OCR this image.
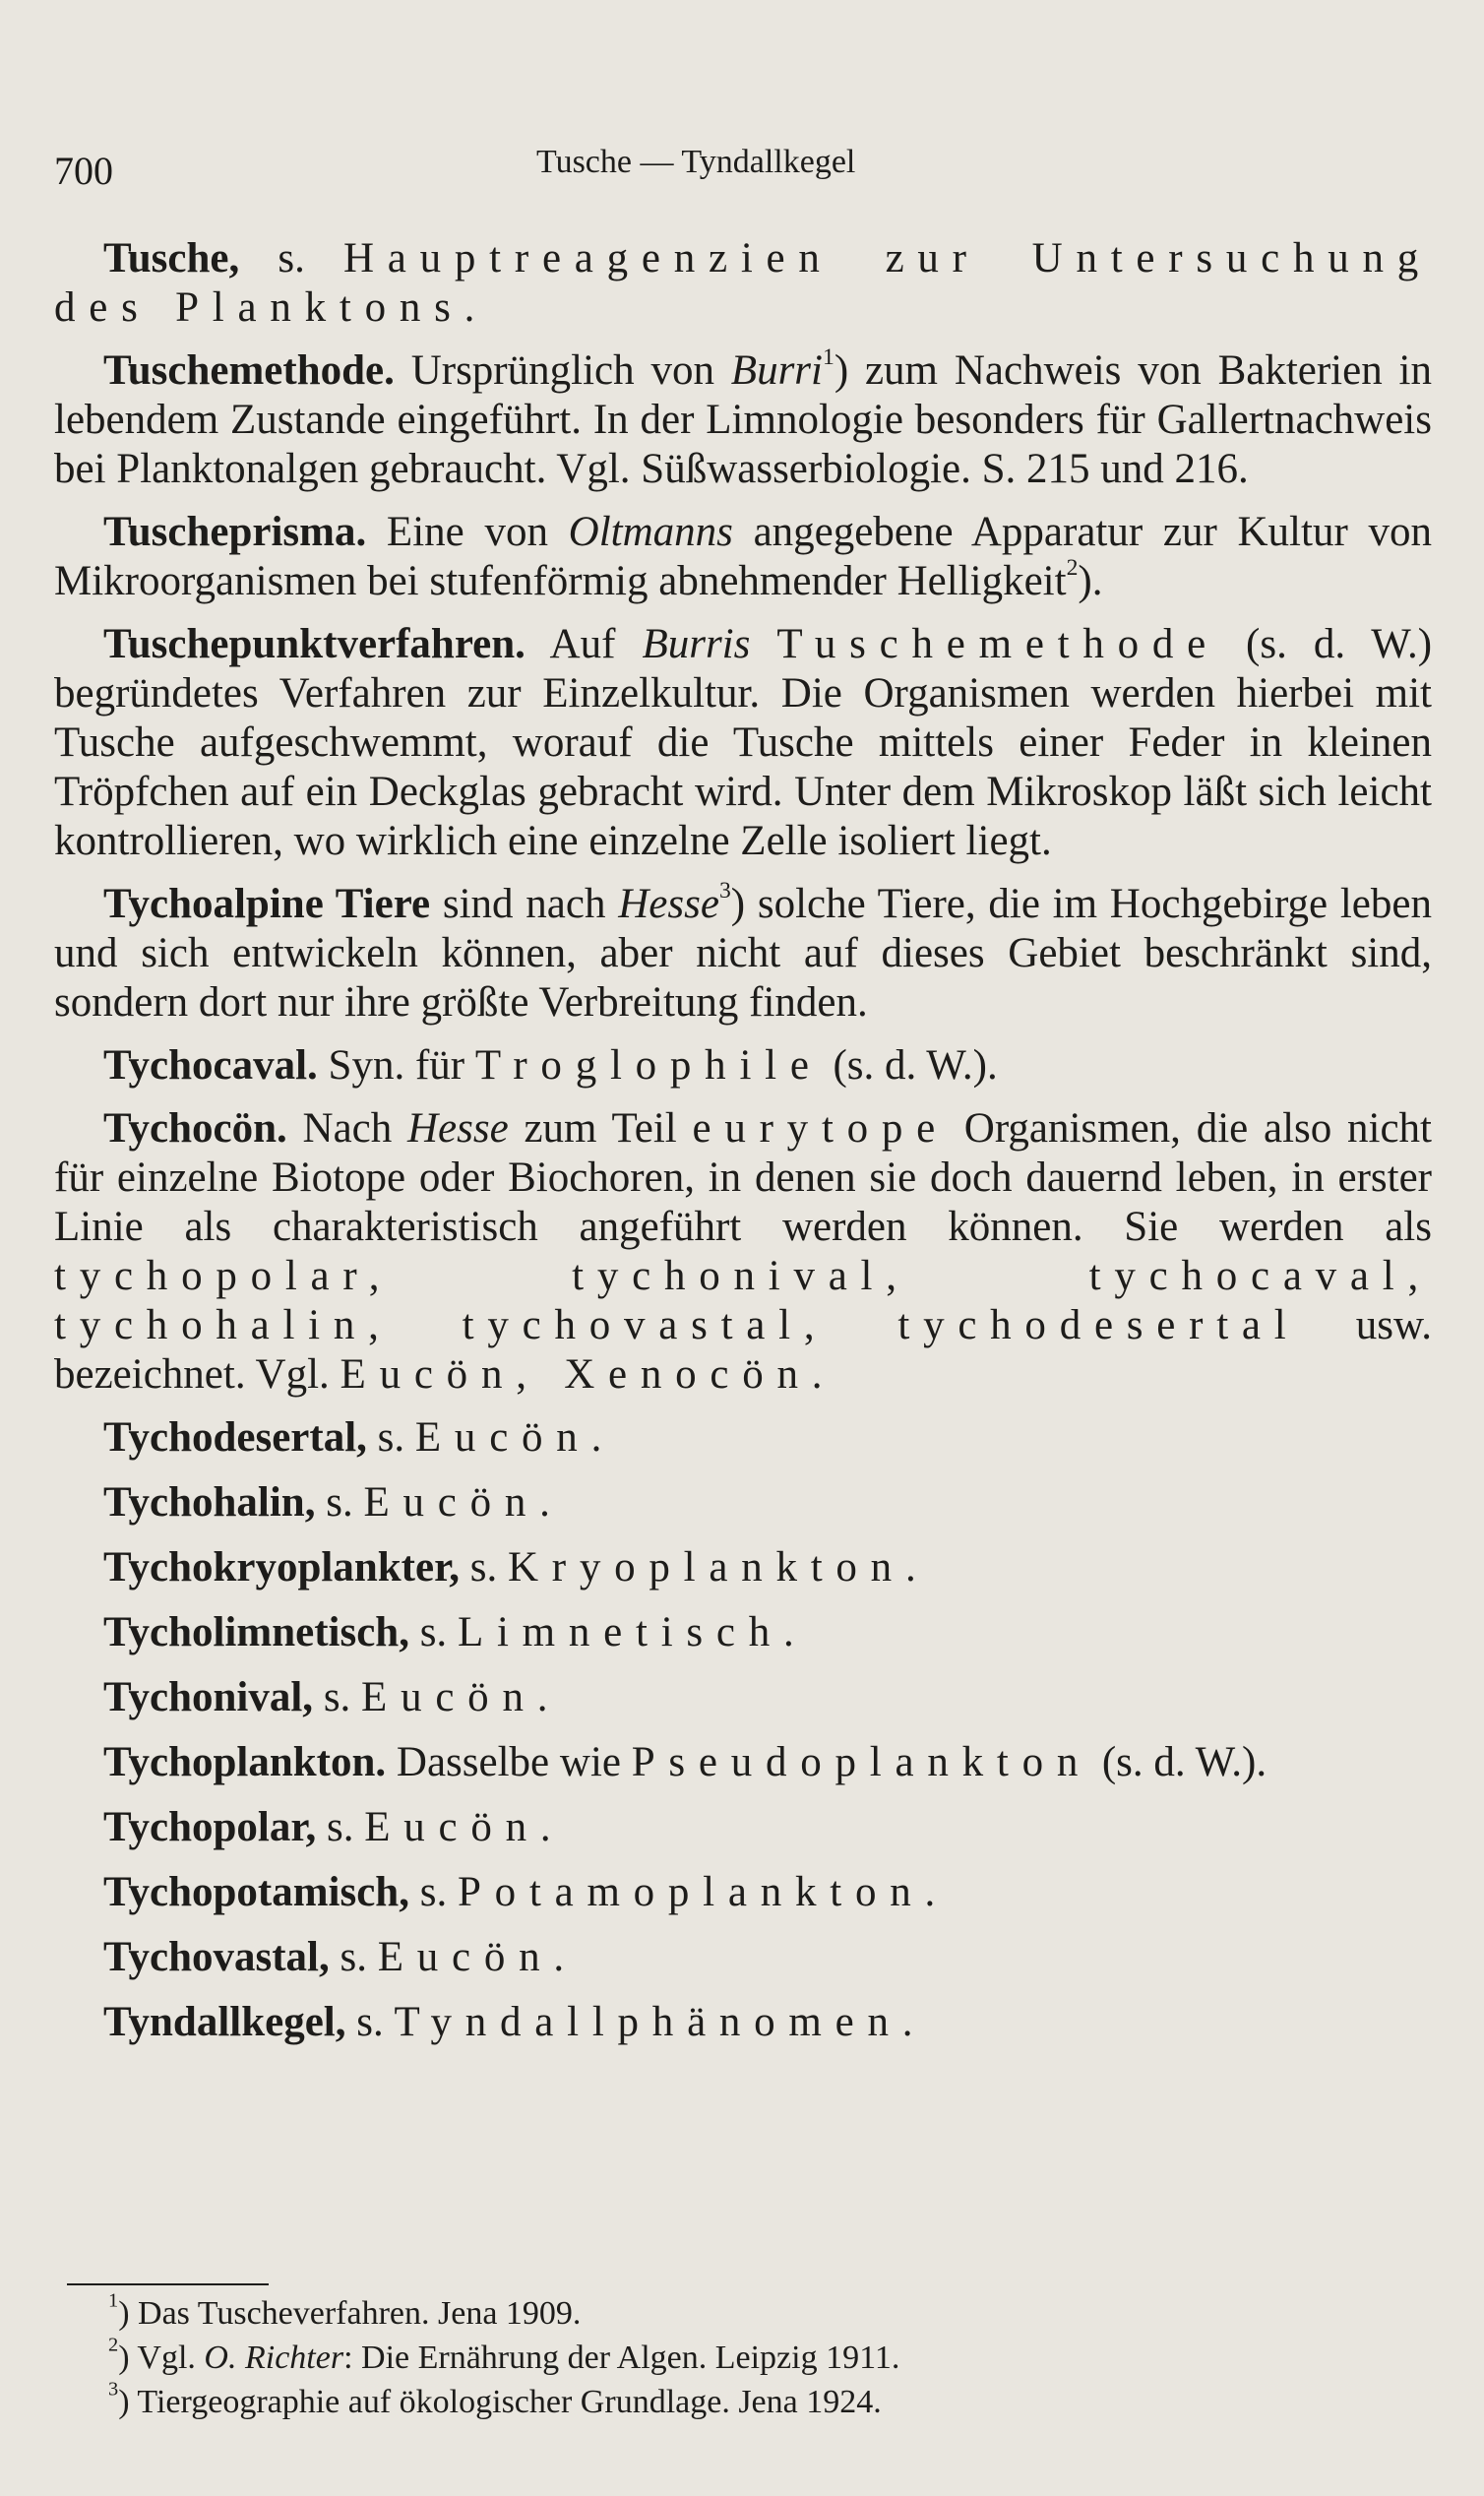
700	Tusche — Tyndallkegel

Tusche, s. Hauptreagenzien zur Untersuchung des Planktons.

Tuschemethode. Ursprünglich von Burri$^1$) zum Nachweis von Bakterien in lebendem Zustande eingeführt. In der Limnologie besonders für Gallertnachweis bei Planktonalgen gebraucht. Vgl. Süßwasserbiologie. S. 215 und 216.

Tuscheprisma. Eine von Oltmanns angegebene Apparatur zur Kultur von Mikroorganismen bei stufenförmig abnehmender Helligkeit$^2$).

Tuschepunktverfahren. Auf Burris Tuschemethode (s. d. W.) begründetes Verfahren zur Einzelkultur. Die Organismen werden hierbei mit Tusche aufgeschwemmt, worauf die Tusche mittels einer Feder in kleinen Tröpfchen auf ein Deckglas gebracht wird. Unter dem Mikroskop läßt sich leicht kontrollieren, wo wirklich eine einzelne Zelle isoliert liegt.

Tychoalpine Tiere sind nach Hesse$^3$) solche Tiere, die im Hochgebirge leben und sich entwickeln können, aber nicht auf dieses Gebiet beschränkt sind, sondern dort nur ihre größte Verbreitung finden.

Tychocaval. Syn. für Troglophile (s. d. W.).

Tychocön. Nach Hesse zum Teil eurytope Organismen, die also nicht für einzelne Biotope oder Biochoren, in denen sie doch dauernd leben, in erster Linie als charakteristisch angeführt werden können. Sie werden als tychopolar, tychonival, tychocaval, tychohalin, tychovastal, tychodesertal usw. bezeichnet. Vgl. Eucön, Xenocön.

Tychodesertal, s. Eucön.

Tychohalin, s. Eucön.

Tychokryoplankter, s. Kryoplankton.

Tycholimnetisch, s. Limnetisch.

Tychonival, s. Eucön.

Tychoplankton. Dasselbe wie Pseudoplankton (s. d. W.).

Tychopolar, s. Eucön.

Tychopotamisch, s. Potamoplankton.

Tychovastal, s. Eucön.

Tyndallkegel, s. Tyndallphänomen.

$^1$) Das Tuscheverfahren. Jena 1909.
$^2$) Vgl. O. Richter: Die Ernährung der Algen. Leipzig 1911.
$^3$) Tiergeographie auf ökologischer Grundlage. Jena 1924.
